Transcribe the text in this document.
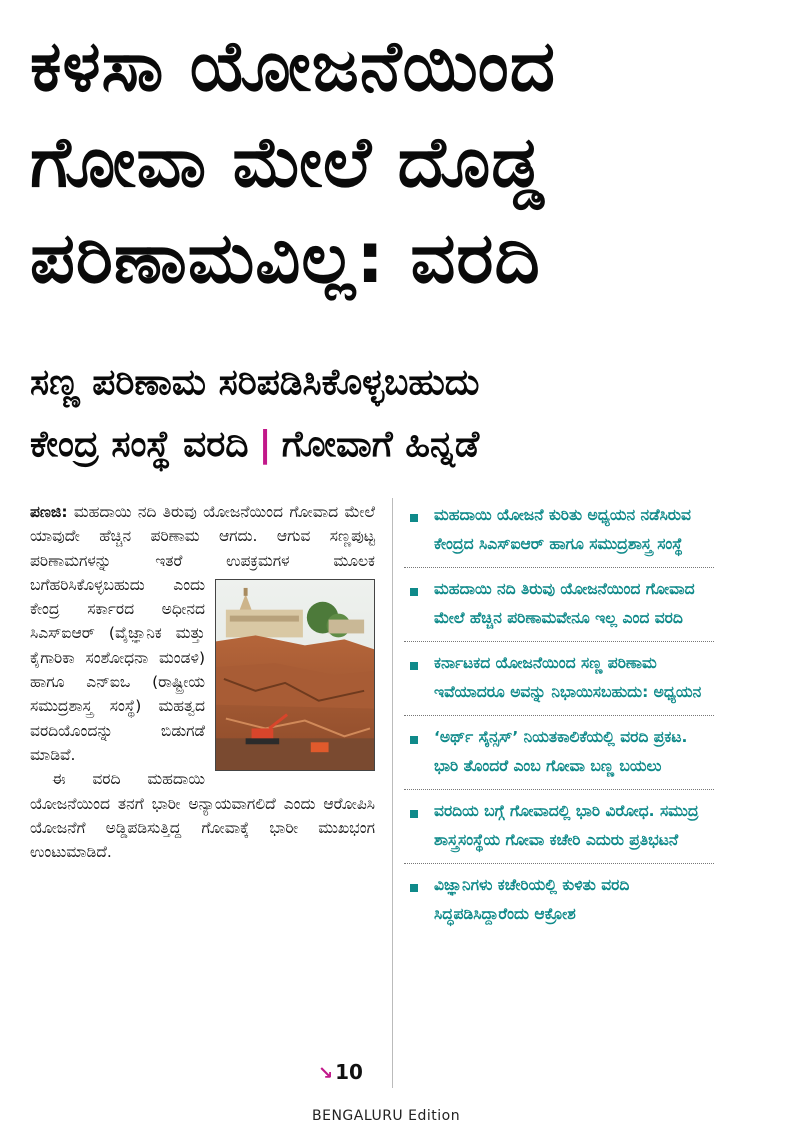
ಕಳಸಾ ಯೋಜನೆಯಿಂದ
ಗೋವಾ ಮೇಲೆ ದೊಡ್ಡ
ಪರಿಣಾಮವಿಲ್ಲ: ವರದಿ
ಸಣ್ಣ ಪರಿಣಾಮ ಸರಿಪಡಿಸಿಕೊಳ್ಳಬಹುದು
ಕೇಂದ್ರ ಸಂಸ್ಥೆ ವರದಿ | ಗೋವಾಗೆ ಹಿನ್ನಡೆ

ಪಣಜಿ: ಮಹದಾಯಿ ನದಿ ತಿರುವು ಯೋಜನೆಯಿಂದ ಗೋವಾದ ಮೇಲೆ ಯಾವುದೇ ಹೆಚ್ಚಿನ ಪರಿಣಾಮ ಆಗದು. ಆಗುವ ಸಣ್ಣಪುಟ್ಟ ಪರಿಣಾಮಗಳನ್ನು ಇತರೆ ಉಪಕ್ರಮಗಳ ಮೂಲಕ ಬಗೆಹರಿಸಿಕೊಳ್ಳಬಹುದು ಎಂದು
ಕೇಂದ್ರ ಸರ್ಕಾರದ ಅಧೀನದ ಸಿಎಸ್ಐಆರ್ (ವೈಜ್ಞಾನಿಕ ಮತ್ತು ಕೈಗಾರಿಕಾ ಸಂಶೋಧನಾ ಮಂಡಳಿ) ಹಾಗೂ ಎನ್ಐಒ (ರಾಷ್ಟ್ರೀಯ ಸಮುದ್ರಶಾಸ್ತ್ರ ಸಂಸ್ಥೆ) ಮಹತ್ವದ ವರದಿಯೊಂದನ್ನು ಬಿಡುಗಡೆ ಮಾಡಿವೆ.

ಈ ವರದಿ ಮಹದಾಯಿ ಯೋಜನೆಯಿಂದ ತನಗೆ ಭಾರೀ ಅನ್ಯಾಯವಾಗಲಿದೆ ಎಂದು ಆರೋಪಿಸಿ ಯೋಜನೆಗೆ ಅಡ್ಡಿಪಡಿಸುತ್ತಿದ್ದ ಗೋವಾಕ್ಕೆ ಭಾರೀ ಮುಖಭಂಗ ಉಂಟುಮಾಡಿದೆ.

↘ 10
ಮಹದಾಯಿ ಯೋಜನೆ ಕುರಿತು ಅಧ್ಯಯನ ನಡೆಸಿರುವ ಕೇಂದ್ರದ ಸಿಎಸ್ಐಆರ್ ಹಾಗೂ ಸಮುದ್ರಶಾಸ್ತ್ರ ಸಂಸ್ಥೆ
ಮಹದಾಯಿ ನದಿ ತಿರುವು ಯೋಜನೆಯಿಂದ ಗೋವಾದ ಮೇಲೆ ಹೆಚ್ಚಿನ ಪರಿಣಾಮವೇನೂ ಇಲ್ಲ ಎಂದ ವರದಿ
ಕರ್ನಾಟಕದ ಯೋಜನೆಯಿಂದ ಸಣ್ಣ ಪರಿಣಾಮ ಇವೆಯಾದರೂ ಅವನ್ನು ನಿಭಾಯಿಸಬಹುದು: ಅಧ್ಯಯನ
‘ಅರ್ಥ್ ಸೈನ್ಸಸ್’ ನಿಯತಕಾಲಿಕೆಯಲ್ಲಿ ವರದಿ ಪ್ರಕಟ. ಭಾರಿ ತೊಂದರೆ ಎಂಬ ಗೋವಾ ಬಣ್ಣ ಬಯಲು
ವರದಿಯ ಬಗ್ಗೆ ಗೋವಾದಲ್ಲಿ ಭಾರಿ ವಿರೋಧ. ಸಮುದ್ರ ಶಾಸ್ತ್ರಸಂಸ್ಥೆಯ ಗೋವಾ ಕಚೇರಿ ಎದುರು ಪ್ರತಿಭಟನೆ
ವಿಜ್ಞಾನಿಗಳು ಕಚೇರಿಯಲ್ಲಿ ಕುಳಿತು ವರದಿ ಸಿದ್ಧಪಡಿಸಿದ್ದಾರೆಂದು ಆಕ್ರೋಶ
BENGALURU Edition
